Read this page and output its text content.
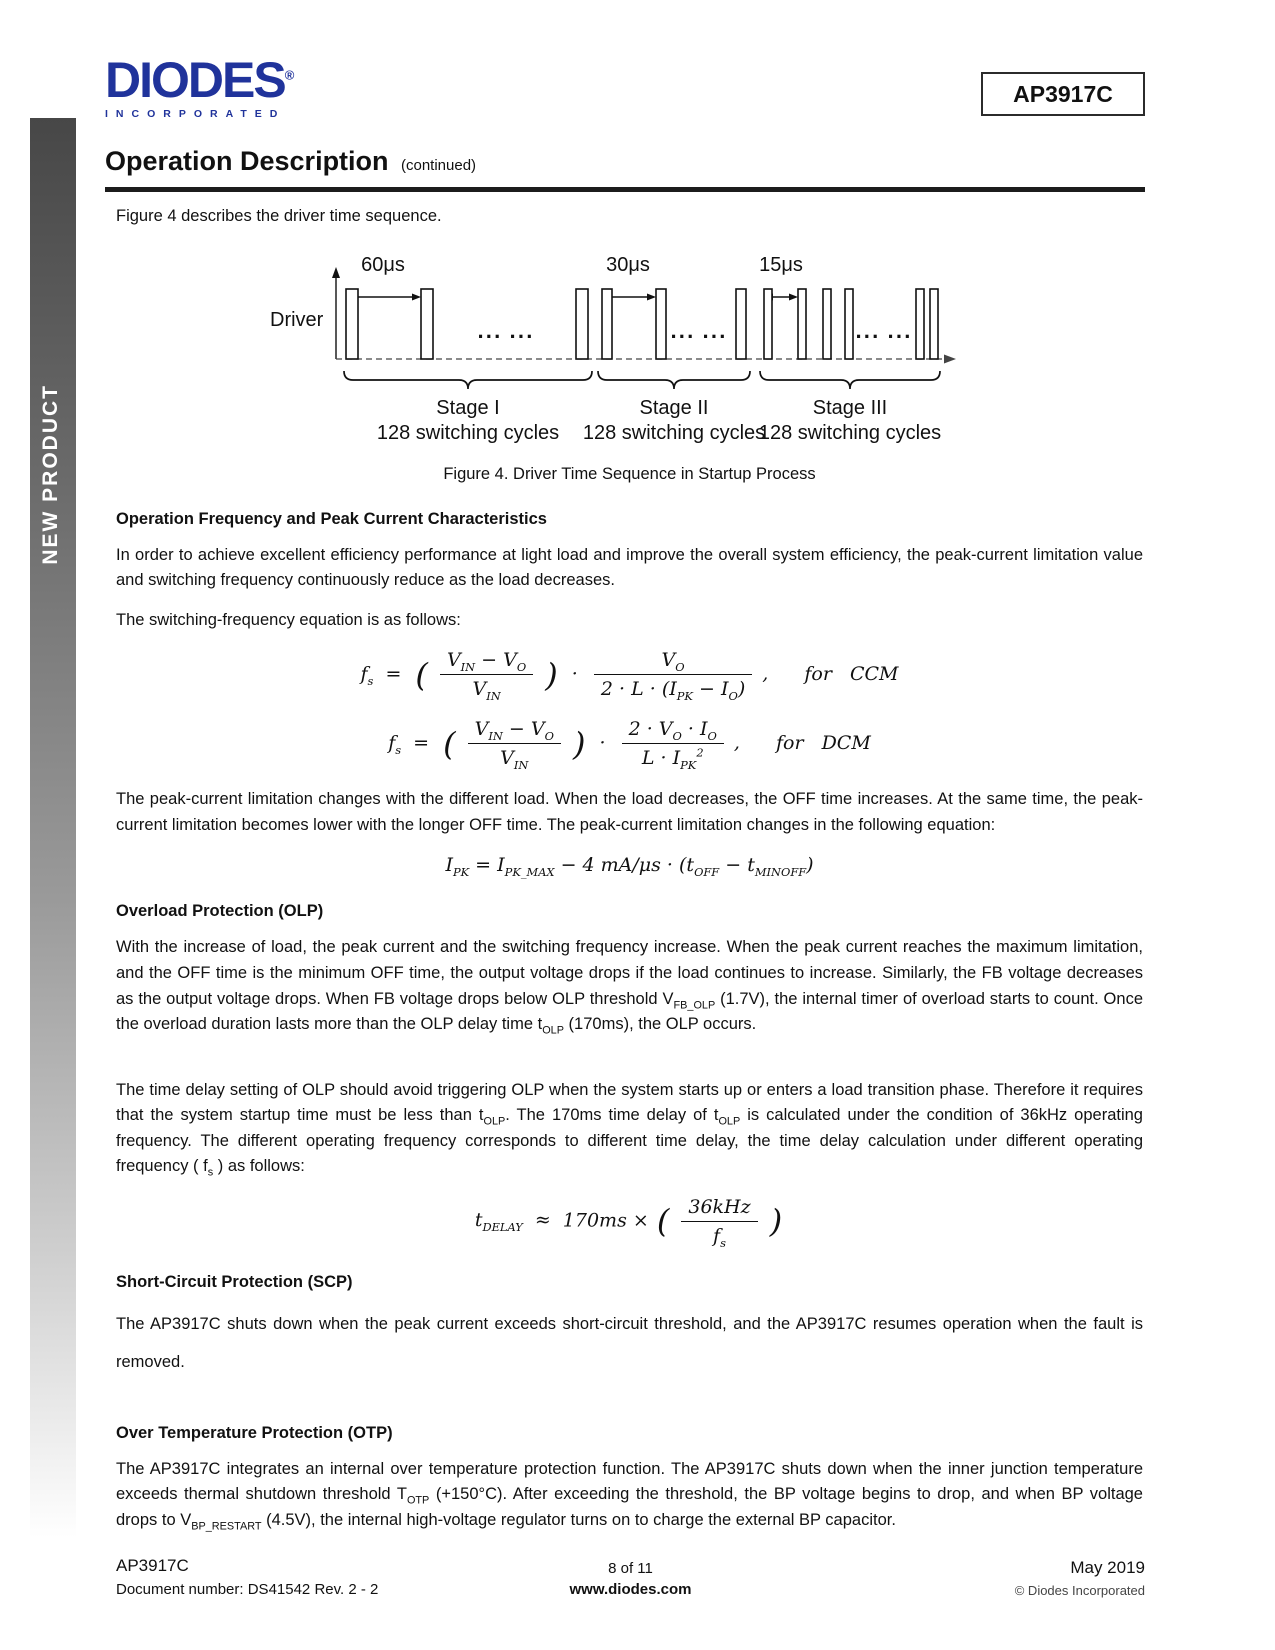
NEW PRODUCT
DIODES®
INCORPORATED
AP3917C
Operation Description (continued)

Figure 4 describes the driver time sequence.

Driver
60μs	30μs	15μs
··· ···	··· ···	··· ···
Stage I
128 switching cycles
Stage II
128 switching cycles
Stage III
128 switching cycles
Figure 4. Driver Time Sequence in Startup Process
Operation Frequency and Peak Current Characteristics

In order to achieve excellent efficiency performance at light load and improve the overall system efficiency, the peak-current limitation value and switching frequency continuously reduce as the load decreases.

The switching-frequency equation is as follows:

$f_s$ = ( $\frac{V_{IN} - V_O}{V_{IN}}$ ) · $\frac{V_O}{2 \cdot L \cdot (I_{PK} - I_O)}$ , for CCM
$f_s$ = ( $\frac{V_{IN} - V_O}{V_{IN}}$ ) · $\frac{2 \cdot V_O \cdot I_O}{L \cdot I_{PK}^2}$ , for DCM

The peak-current limitation changes with the different load. When the load decreases, the OFF time increases. At the same time, the peak-current limitation becomes lower with the longer OFF time. The peak-current limitation changes in the following equation:

$I_{PK} = I_{PK\_MAX} - 4$ $mA/\mu s \cdot (t_{OFF} - t_{MINOFF})$
Overload Protection (OLP)

With the increase of load, the peak current and the switching frequency increase. When the peak current reaches the maximum limitation, and the OFF time is the minimum OFF time, the output voltage drops if the load continues to increase. Similarly, the FB voltage decreases as the output voltage drops. When FB voltage drops below OLP threshold $V_{FB\_OLP}$ (1.7V), the internal timer of overload starts to count. Once the overload duration lasts more than the OLP delay time $t_{OLP}$ (170ms), the OLP occurs.

The time delay setting of OLP should avoid triggering OLP when the system starts up or enters a load transition phase. Therefore it requires that the system startup time must be less than $t_{OLP}$. The 170ms time delay of $t_{OLP}$ is calculated under the condition of 36kHz operating frequency. The different operating frequency corresponds to different time delay, the time delay calculation under different operating frequency ( $f_s$ ) as follows:

$t_{DELAY} \approx 170ms$ × ( $\frac{\text{36kHz}}{f_s}$ )
Short-Circuit Protection (SCP)

The AP3917C shuts down when the peak current exceeds short-circuit threshold, and the AP3917C resumes operation when the fault is removed.

Over Temperature Protection (OTP)

The AP3917C integrates an internal over temperature protection function. The AP3917C shuts down when the inner junction temperature exceeds thermal shutdown threshold $T_{OTP}$ (+150°C). After exceeding the threshold, the BP voltage begins to drop, and when BP voltage drops to $V_{BP\_RESTART}$ (4.5V), the internal high-voltage regulator turns on to charge the external BP capacitor.

AP3917C
Document number: DS41542 Rev. 2 - 2
8 of 11
www.diodes.com
May 2019
© Diodes Incorporated
